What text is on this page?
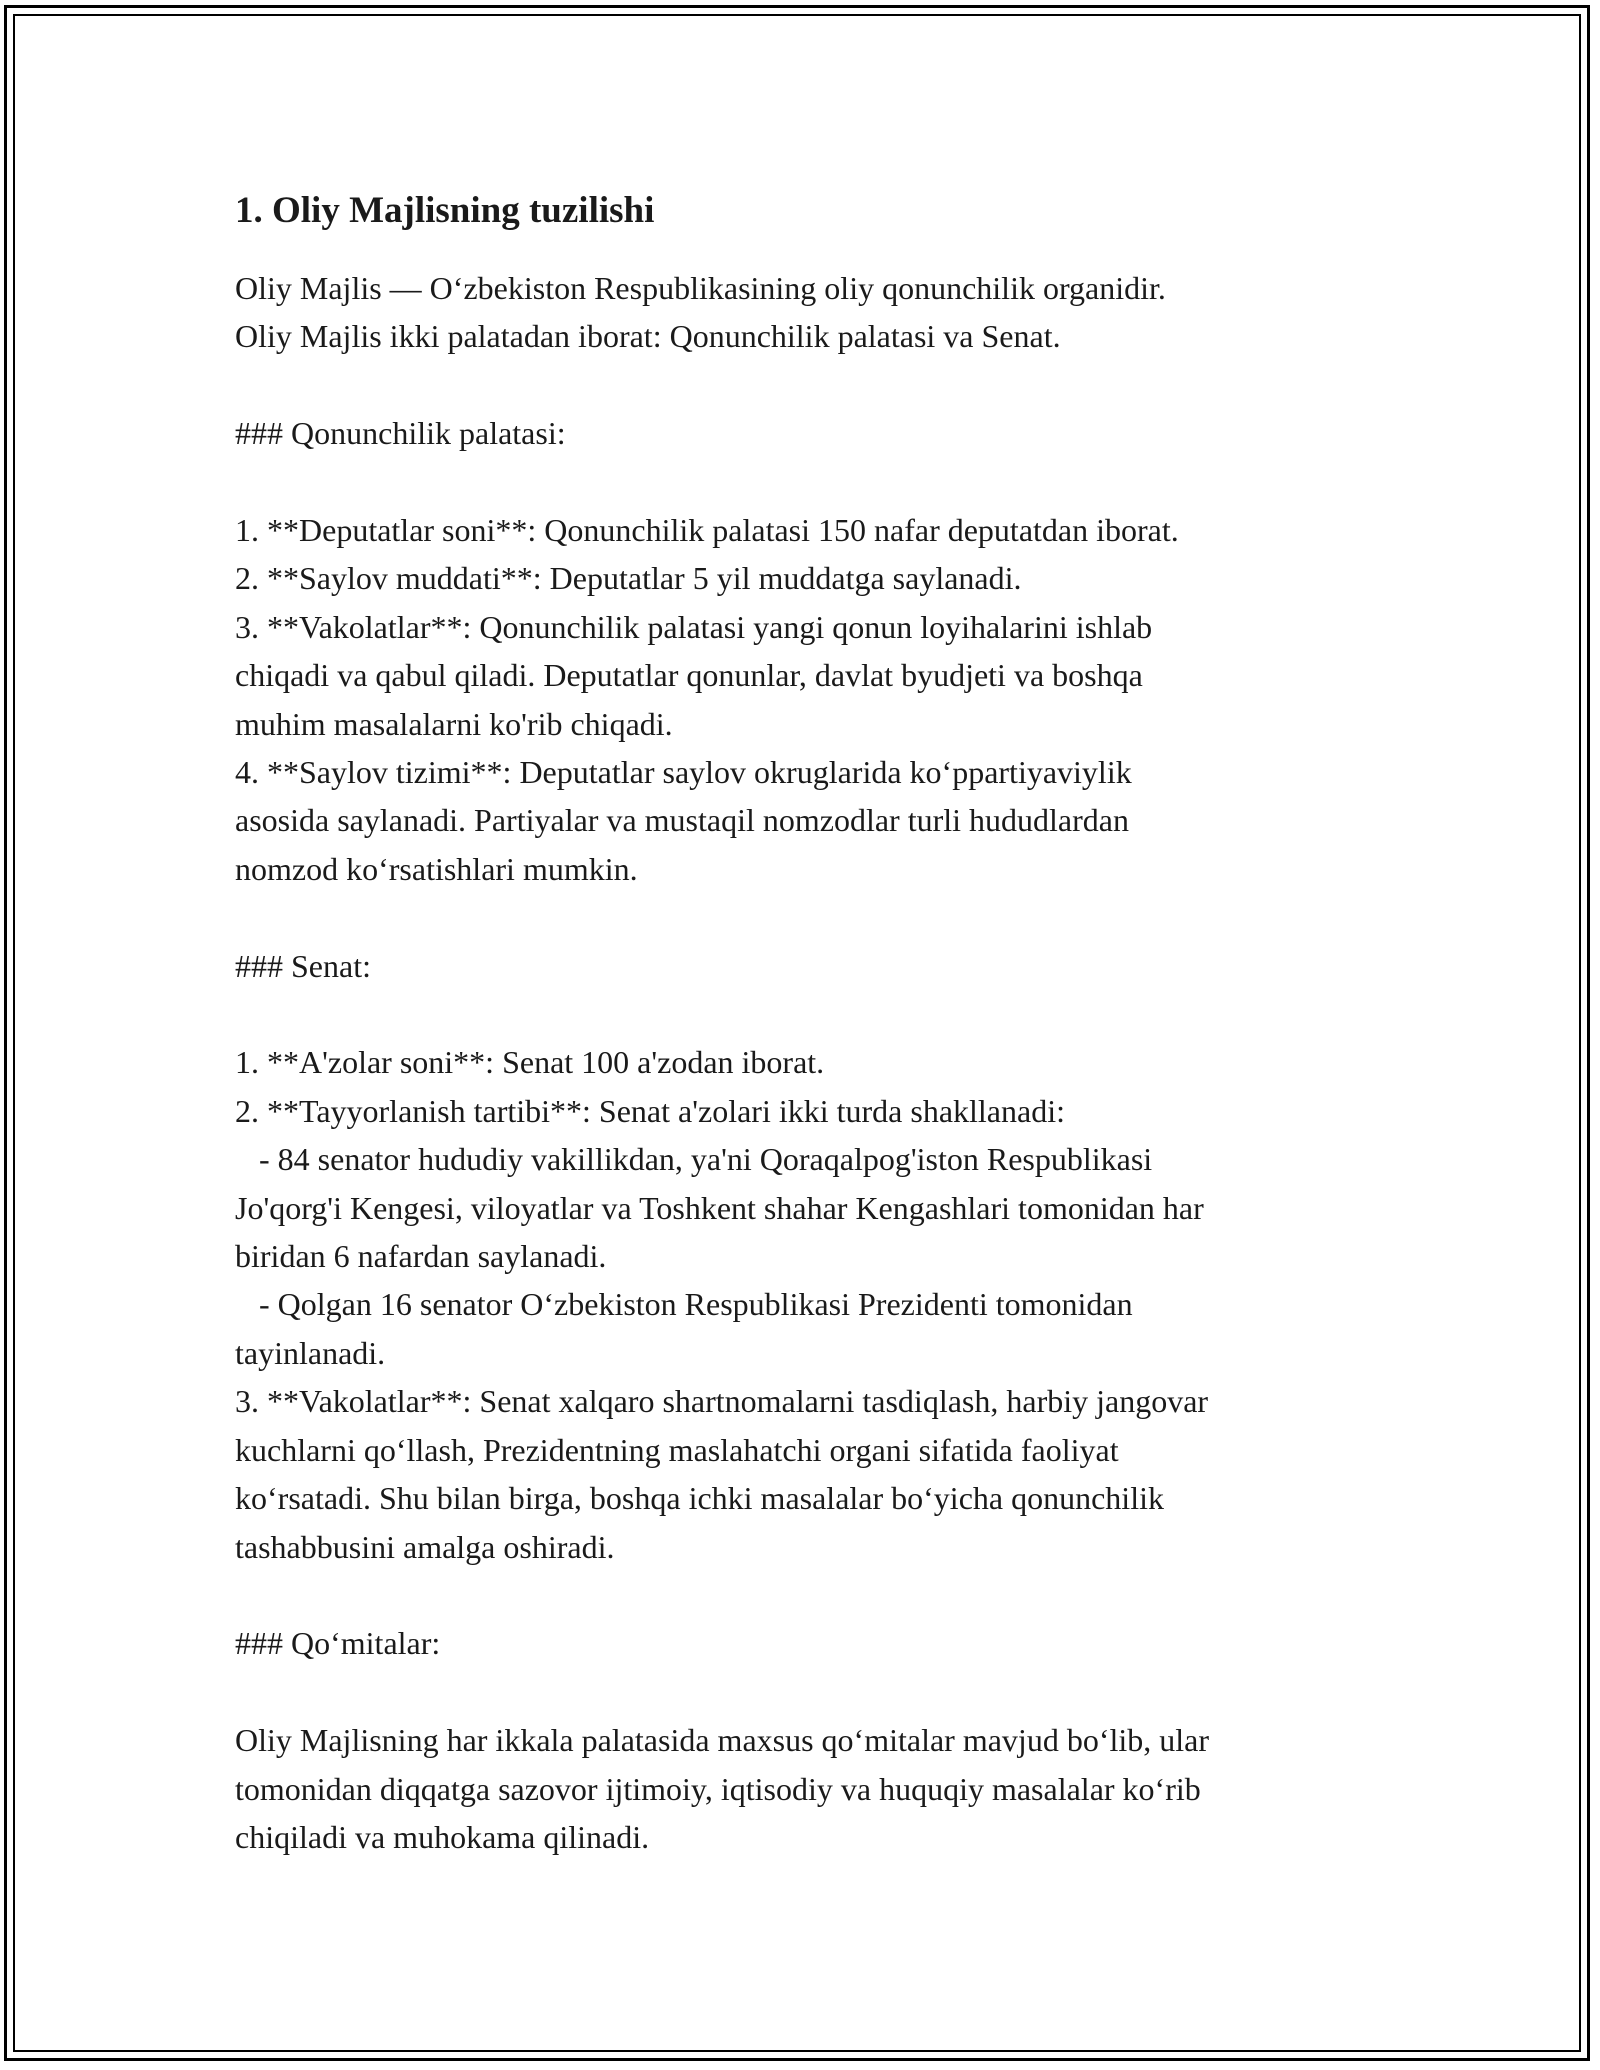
1. Oliy Majlisning tuzilishi
Oliy Majlis — O‘zbekiston Respublikasining oliy qonunchilik organidir.
Oliy Majlis ikki palatadan iborat: Qonunchilik palatasi va Senat.
### Qonunchilik palatasi:
1. **Deputatlar soni**: Qonunchilik palatasi 150 nafar deputatdan iborat.
2. **Saylov muddati**: Deputatlar 5 yil muddatga saylanadi.
3. **Vakolatlar**: Qonunchilik palatasi yangi qonun loyihalarini ishlab
chiqadi va qabul qiladi. Deputatlar qonunlar, davlat byudjeti va boshqa
muhim masalalarni ko'rib chiqadi.
4. **Saylov tizimi**: Deputatlar saylov okruglarida ko‘ppartiyaviylik
asosida saylanadi. Partiyalar va mustaqil nomzodlar turli hududlardan
nomzod ko‘rsatishlari mumkin.
### Senat:
1. **A'zolar soni**: Senat 100 a'zodan iborat.
2. **Tayyorlanish tartibi**: Senat a'zolari ikki turda shakllanadi:
- 84 senator hududiy vakillikdan, ya'ni Qoraqalpog'iston Respublikasi
Jo'qorg'i Kengesi, viloyatlar va Toshkent shahar Kengashlari tomonidan har
biridan 6 nafardan saylanadi.
- Qolgan 16 senator O‘zbekiston Respublikasi Prezidenti tomonidan
tayinlanadi.
3. **Vakolatlar**: Senat xalqaro shartnomalarni tasdiqlash, harbiy jangovar
kuchlarni qo‘llash, Prezidentning maslahatchi organi sifatida faoliyat
ko‘rsatadi. Shu bilan birga, boshqa ichki masalalar bo‘yicha qonunchilik
tashabbusini amalga oshiradi.
### Qo‘mitalar:
Oliy Majlisning har ikkala palatasida maxsus qo‘mitalar mavjud bo‘lib, ular
tomonidan diqqatga sazovor ijtimoiy, iqtisodiy va huquqiy masalalar ko‘rib
chiqiladi va muhokama qilinadi.
